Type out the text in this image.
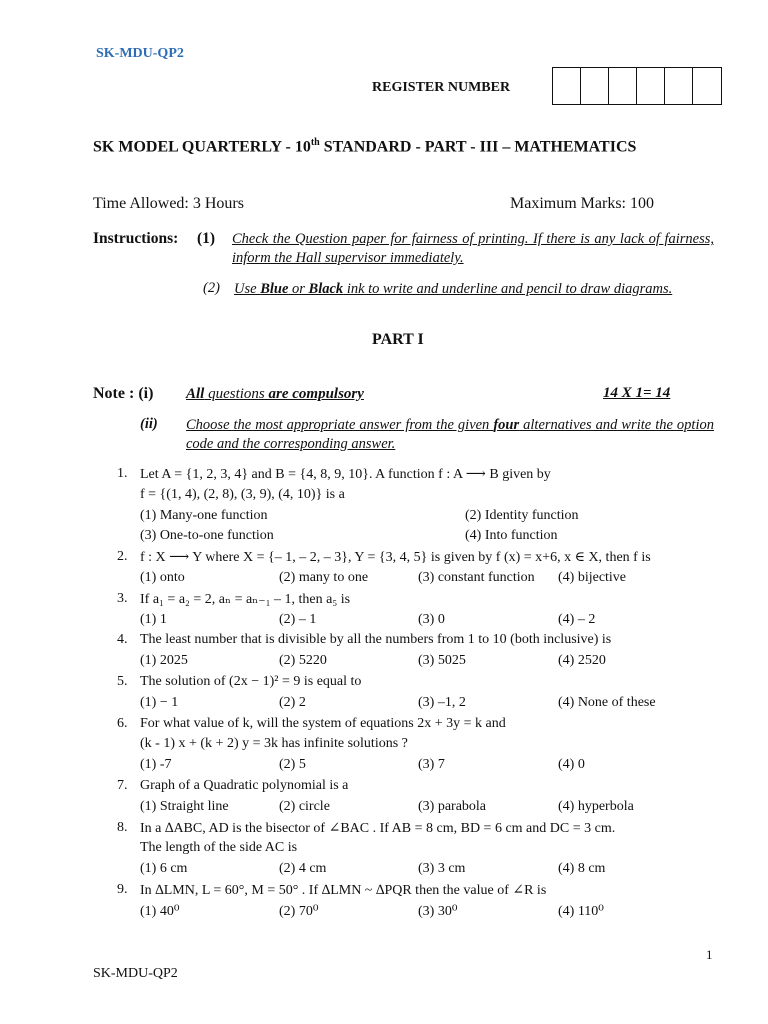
SK-MDU-QP2
REGISTER NUMBER
SK MODEL QUARTERLY - 10th STANDARD - PART - III – MATHEMATICS
Time Allowed: 3 Hours	Maximum Marks: 100
Instructions: (1) Check the Question paper for fairness of printing. If there is any lack of fairness, inform the Hall supervisor immediately.
(2) Use Blue or Black ink to write and underline and pencil to draw diagrams.
PART I
Note : (i) All questions are compulsory	14 X 1= 14
(ii) Choose the most appropriate answer from the given four alternatives and write the option code and the corresponding answer.
1. Let A = {1, 2, 3, 4} and B = {4, 8, 9, 10}. A function f : A ⟶ B given by
f = {(1, 4), (2, 8), (3, 9), (4, 10)} is a
(1) Many-one function	(2) Identity function
(3) One-to-one function	(4) Into function
2. f : X ⟶ Y where X = {– 1, – 2, – 3}, Y = {3, 4, 5} is given by f (x) = x+6, x ∈ X, then f is
(1) onto	(2) many to one	(3) constant function (4) bijective
3. If a₁ = a₂ = 2, aₙ = aₙ₋₁ – 1, then a₅ is
(1) 1	(2) – 1	(3) 0	(4) – 2
4. The least number that is divisible by all the numbers from 1 to 10 (both inclusive) is
(1) 2025	(2) 5220	(3) 5025	(4) 2520
5. The solution of (2x − 1)² = 9 is equal to
(1) − 1	(2) 2	(3) –1, 2	(4) None of these
6. For what value of k, will the system of equations 2x + 3y = k and
(k - 1) x + (k + 2) y = 3k has infinite solutions ?
(1) -7	(2) 5	(3) 7	(4) 0
7. Graph of a Quadratic polynomial is a
(1) Straight line	(2) circle	(3) parabola	(4) hyperbola
8. In a ∆ABC, AD is the bisector of ∠BAC . If AB = 8 cm, BD = 6 cm and DC = 3 cm.
The length of the side AC is
(1) 6 cm	(2) 4 cm	(3) 3 cm	(4) 8 cm
9. In ∆LMN, L = 60°, M = 50° . If ∆LMN ~ ∆PQR then the value of ∠R is
(1) 40⁰	(2) 70⁰	(3) 30⁰	(4) 110⁰
1
SK-MDU-QP2
